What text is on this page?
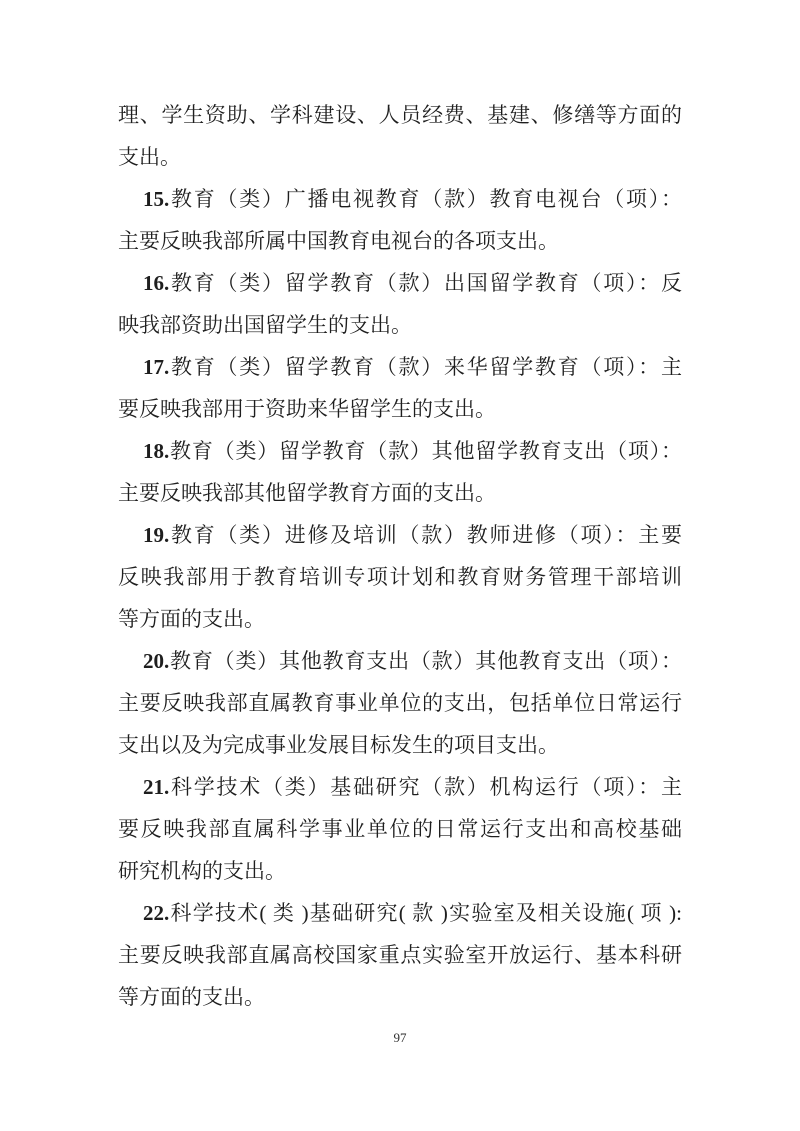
理、学生资助、学科建设、人员经费、基建、修缮等方面的
支出。
15.教育（类）广播电视教育（款）教育电视台（项）：
主要反映我部所属中国教育电视台的各项支出。
16.教育（类）留学教育（款）出国留学教育（项）：反
映我部资助出国留学生的支出。
17.教育（类）留学教育（款）来华留学教育（项）：主
要反映我部用于资助来华留学生的支出。
18.教育（类）留学教育（款）其他留学教育支出（项）：
主要反映我部其他留学教育方面的支出。
19.教育（类）进修及培训（款）教师进修（项）：主要
反映我部用于教育培训专项计划和教育财务管理干部培训
等方面的支出。
20.教育（类）其他教育支出（款）其他教育支出（项）：
主要反映我部直属教育事业单位的支出，包括单位日常运行
支出以及为完成事业发展目标发生的项目支出。
21.科学技术（类）基础研究（款）机构运行（项）：主
要反映我部直属科学事业单位的日常运行支出和高校基础
研究机构的支出。
22.科学技术( 类 )基础研究( 款 )实验室及相关设施( 项 ):
主要反映我部直属高校国家重点实验室开放运行、基本科研
等方面的支出。
97
